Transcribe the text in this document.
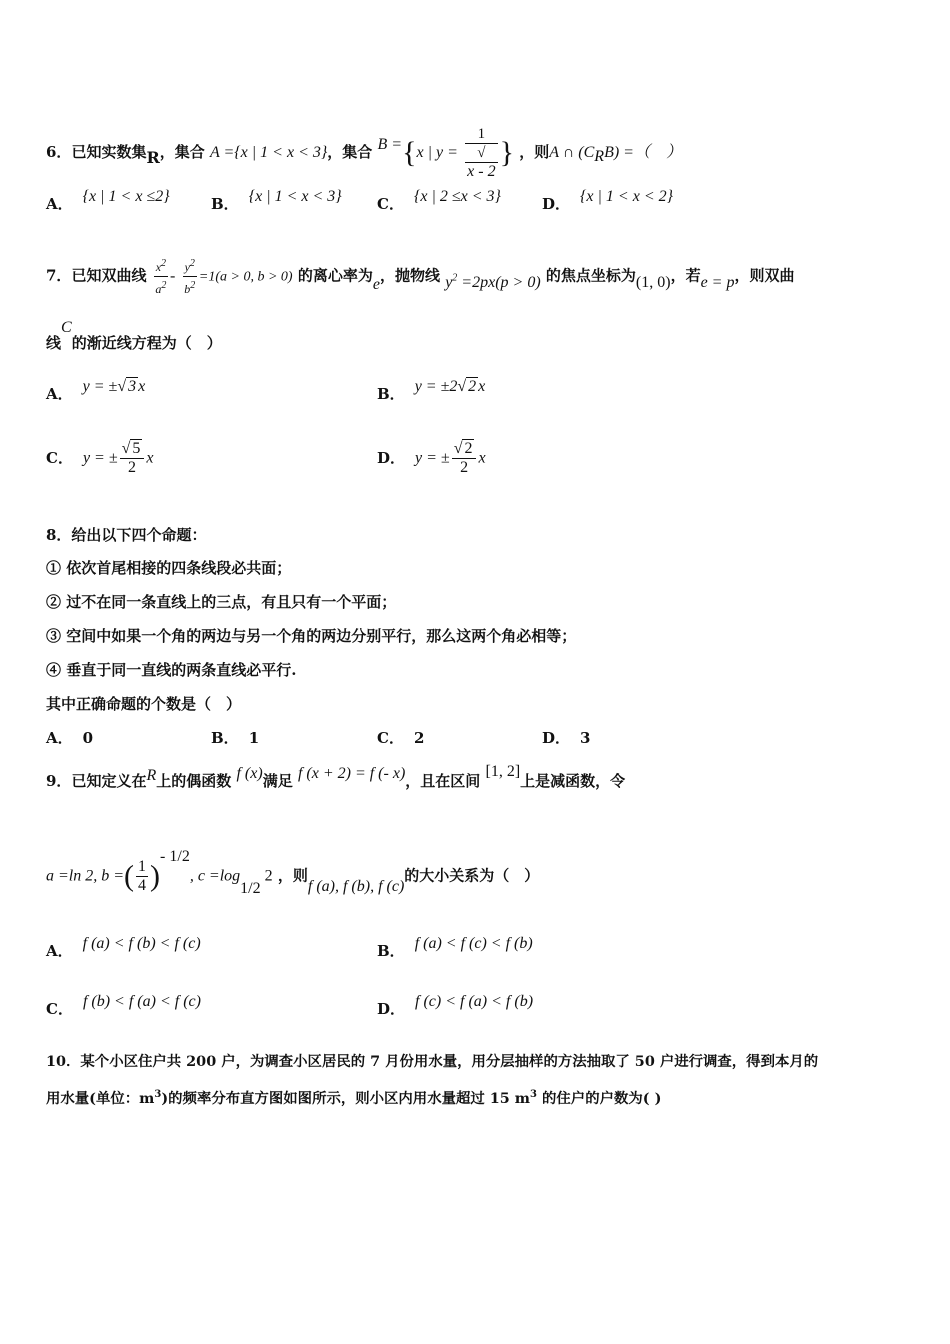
6．已知实数集R，集合 A ={x | 1 < x < 3}，集合 B ={x | y = 1
√
x - 2 } ，则A ∩ $(C_RB)$ =（　）
A． {x | 1 < x ≤2}	B． {x | 1 < x < 3} C． {x | 2 ≤x < 3}	D． {x | 1 < x < 2}
7．已知双曲线 $\frac{x^2}{a^2} - \frac{y^2}{b^2} =1(a > 0$, b > 0) 的离心率为e，抛物线 $y^2 =2px(p > 0)$ 的焦点坐标为(1, 0)，若e = p，则双曲
线C的渐近线方程为（　）
A． y = ±√ 3 x	B． y = ±2√ 2 x
C． y = ± $\frac{√ 5}{2}$ x	D． y = ± $\frac{√ 2}{2}$ x
8．给出以下四个命题：
① 依次首尾相接的四条线段必共面；
② 过不在同一条直线上的三点，有且只有一个平面；
③ 空间中如果一个角的两边与另一个角的两边分别平行，那么这两个角必相等；
④ 垂直于同一直线的两条直线必平行.
其中正确命题的个数是（　）
A． 0	B． 1	C． 2	D． 3
9．已知定义在R上的偶函数 f (x)满足 f (x + 2) = f (- x)，且在区间 [1, 2]上是减函数，令
a =ln 2, b =( $\frac{1}{4} )^{- 1/2}$, $c =\log_{1/2}$ 2 ，则f (a), f (b), f (c)的大小关系为（　）
A． f (a) < f (b) < f (c)	B． f (a) < f (c) < f (b)
C． f (b) < f (a) < f (c)	D． f (c) < f (a) < f (b)
10．某个小区住户共 200 户，为调查小区居民的 7 月份用水量，用分层抽样的方法抽取了 50 户进行调查，得到本月的
用水量(单位：$m^3$)的频率分布直方图如图所示，则小区内用水量超过 15 $m^3$ 的住户的户数为( )
